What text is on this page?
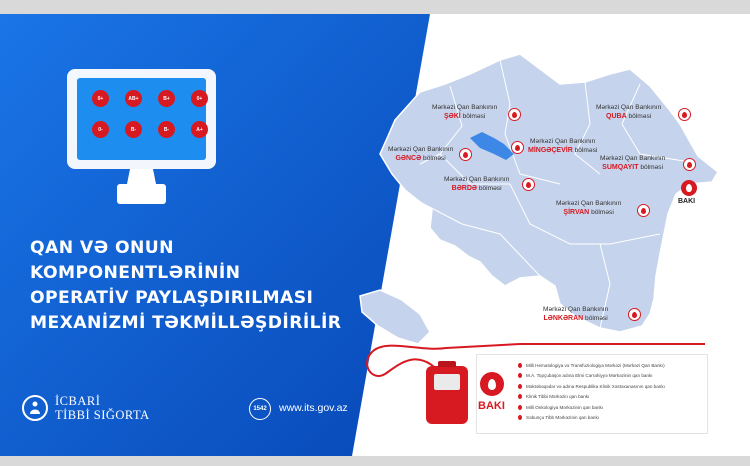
0+	AB+	B+	0+
0-	B-	B-	A+
QAN VƏ ONUN
KOMPONENTLƏRİNİN
OPERATİV PAYLAŞDIRILMASI
MEXANİZMİ TƏKMİLLƏŞDİRİLİR
İCBARİ
TİBBİ SIĞORTA	1542	www.its.gov.az
Mərkəzi Qan Bankının
ŞƏKİ bölməsi
Mərkəzi Qan Bankının
QUBA bölməsi
Mərkəzi Qan Bankının
MİNGƏÇEVİR bölməsi
Mərkəzi Qan Bankının
GƏNCƏ bölməsi	Mərkəzi Qan Bankının
SUMQAYIT bölməsi
Mərkəzi Qan Bankının
BƏRDƏ bölməsi
Mərkəzi Qan Bankının
ŞİRVAN bölməsi
Mərkəzi Qan Bankının
LƏNKƏRAN bölməsi
BAKI
BAKI
Milli Hematologiya və Transfuziologiya Mərkəzi (Mərkəzi Qan Bankı)
M.A. Topçubaşov adına Elmi Cərrahiyyə Mərkəzinin qan bankı
Məktəbəqədər və adına Respublika Klinik Xəstəxanasının qan bankı
Klinik Tibbi Mərkəzin qan bankı
Milli Onkologiya Mərkəzinin qan bankı
Səbunçu Tibb Mərkəzinin qan bankı
